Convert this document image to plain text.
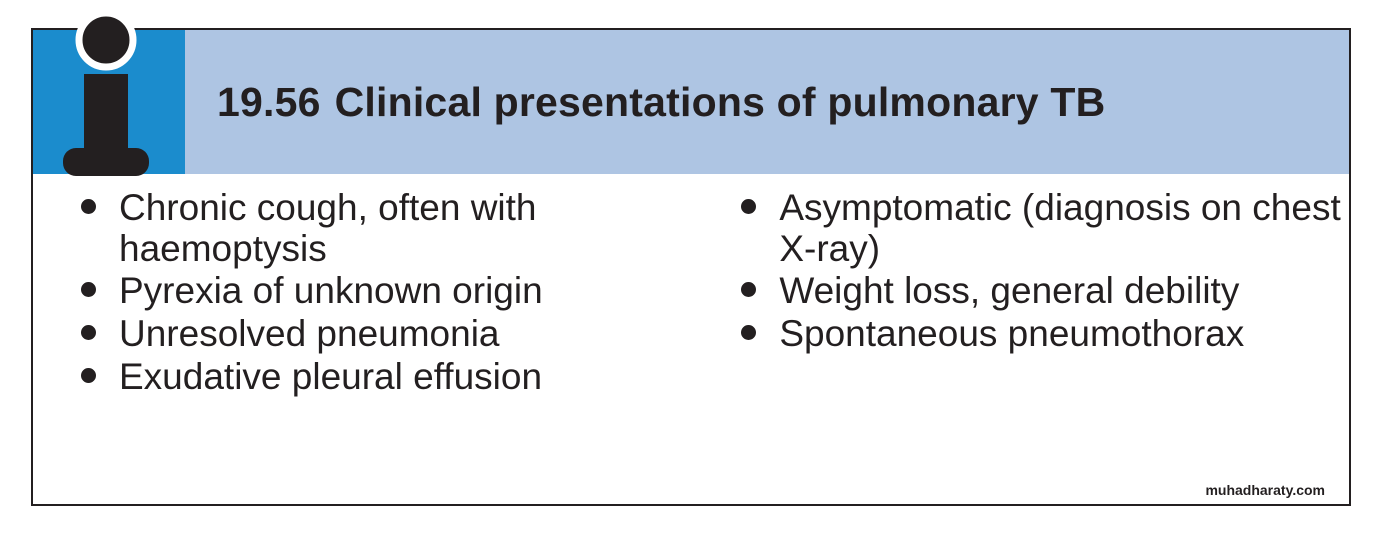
19.56 Clinical presentations of pulmonary TB
Chronic cough, often with haemoptysis
Pyrexia of unknown origin
Unresolved pneumonia
Exudative pleural effusion
Asymptomatic (diagnosis on chest X-ray)
Weight loss, general debility
Spontaneous pneumothorax
muhadharaty.com
